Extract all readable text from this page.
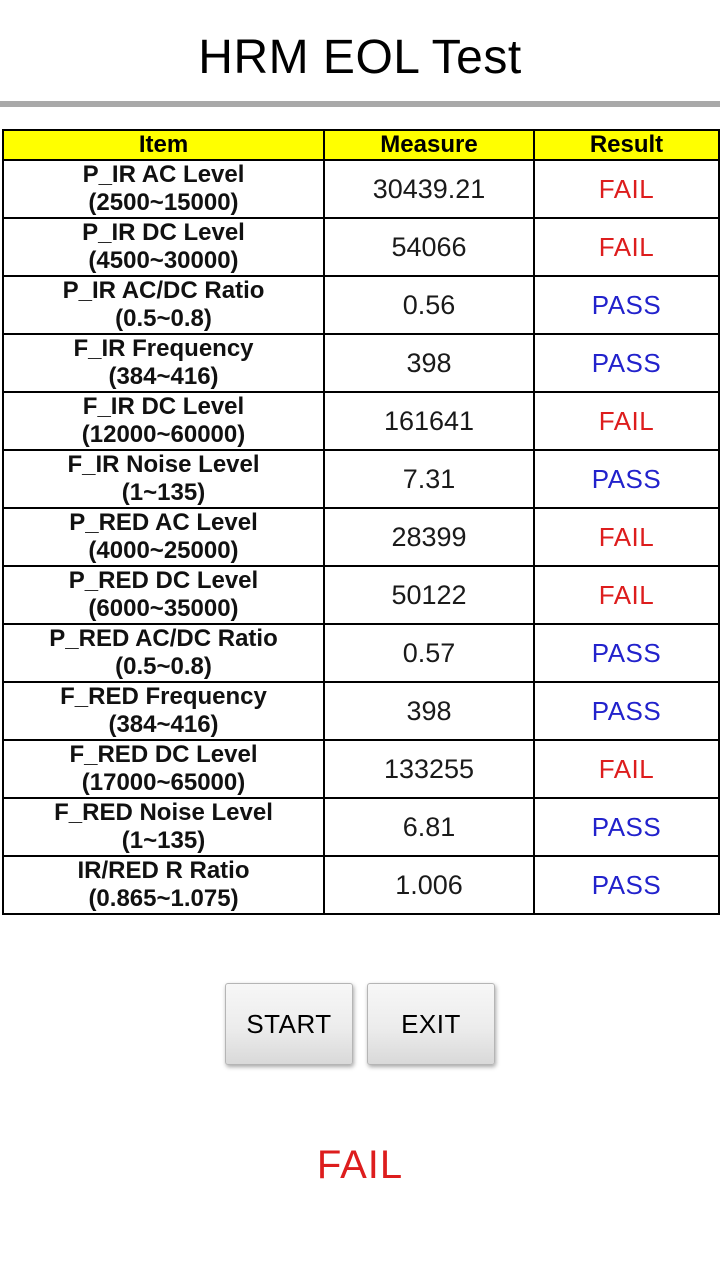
HRM EOL Test
Item	Measure	Result

P_IR AC Level
(2500~15000)	30439.21	FAIL

P_IR DC Level
(4500~30000)	54066	FAIL

P_IR AC/DC Ratio
(0.5~0.8)	0.56	PASS

F_IR Frequency
(384~416)	398	PASS

F_IR DC Level
(12000~60000)	161641	FAIL

F_IR Noise Level
(1~135)	7.31	PASS

P_RED AC Level
(4000~25000)	28399	FAIL

P_RED DC Level
(6000~35000)	50122	FAIL

P_RED AC/DC Ratio
(0.5~0.8)	0.57	PASS

F_RED Frequency
(384~416)	398	PASS

F_RED DC Level
(17000~65000)	133255	FAIL

F_RED Noise Level
(1~135)	6.81	PASS

IR/RED R Ratio
(0.865~1.075)	1.006	PASS
START	EXIT
FAIL
